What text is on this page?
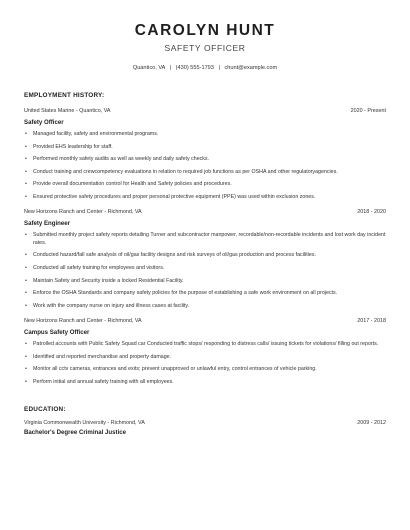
CAROLYN HUNT
SAFETY OFFICER
Quantico, VA | (430) 555-1793 | chunt@example.com
EMPLOYMENT HISTORY:
United States Marine - Quantico, VA	2020 - Present
Safety Officer
• Managed facility, safety and environmental programs.
• Provided EHS leadership for staff.
• Performed monthly safety audits as well as weekly and daily safety checks.
• Conduct training and crewcompetency evaluations in relation to required job functions as per OSHA and other regulatoryagencies.
• Provide overall documentation control for Health and Safety policies and procedures.
• Ensured protective safety procedures and proper personal protective equipment (PPE) was used within exclusion zones.
New Horizons Ranch and Center - Richmond, VA	2018 - 2020
Safety Engineer
• Submitted monthly project safety reports detailing Turner and subcontractor manpower, recordable/non-recordable incidents and lost work day incident rates.
• Conducted hazard/fall safe analysis of oil/gas facility designs and risk surveys of oil/gas production and process facilities.
• Conducted all safety training for employees and visitors.
• Maintain Safety and Security inside a locked Residential Facility.
• Enforce the OSHA Standards and company safety policies for the purpose of establishing a safe work environment on all projects.
• Work with the company nurse on injury and illness cases at facility.
New Horizons Ranch and Center - Richmond, VA	2017 - 2018
Campus Safety Officer
• Patrolled accounts with Public Safety Squad car Conducted traffic stops/ responding to distress calls/ issuing tickets for violations/ filling out reports.
• Identified and reported merchandise and property damage.
• Monitor all cctv cameras, entrances and exits; prevent unapproved or unlawful entry, control entrances of vehicle parking.
• Perform initial and annual safety training with all employees.
EDUCATION:
Virginia Commonwealth University - Richmond, VA	2009 - 2012
Bachelor's Degree Criminal Justice
